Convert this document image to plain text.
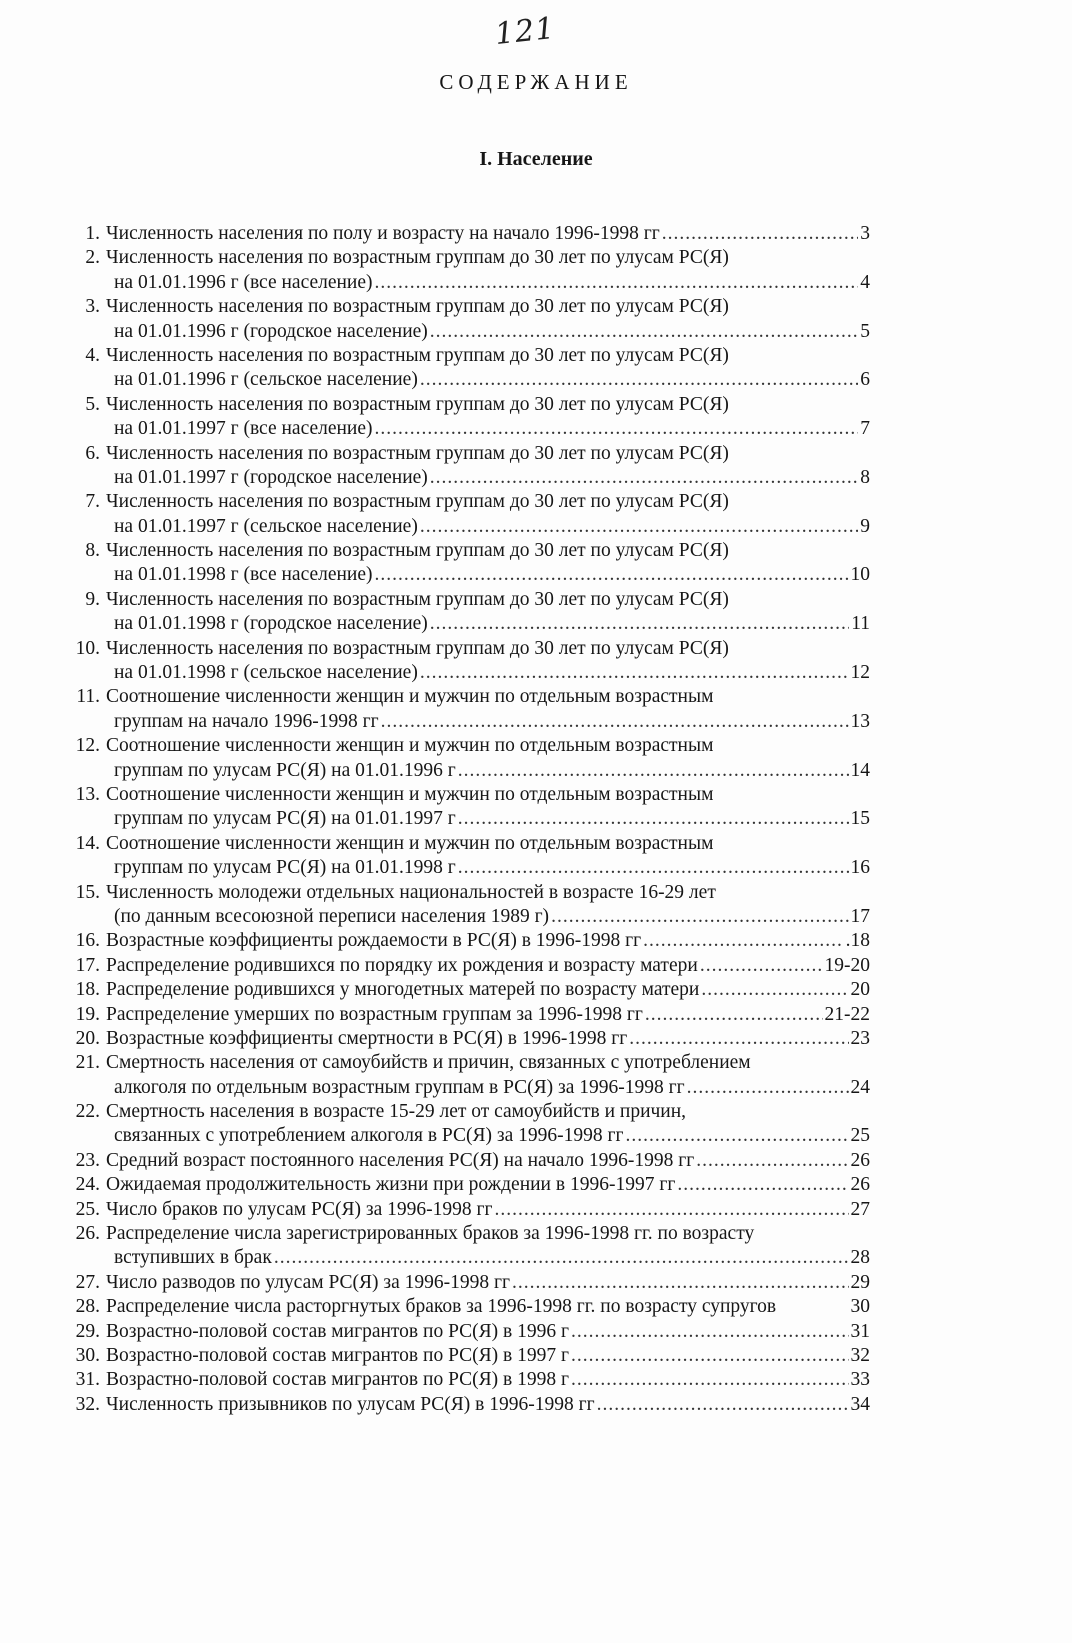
121
СОДЕРЖАНИЕ
I. Население
1. Численность населения по полу и возрасту на начало 1996-1998 гг .....	3
2. Численность населения по возрастным группам до 30 лет по улусам РС(Я)
на 01.01.1996 г (все население) .....	4
3. Численность населения по возрастным группам до 30 лет по улусам РС(Я)
на 01.01.1996 г (городское население) .....	5
4. Численность населения по возрастным группам до 30 лет по улусам РС(Я)
на 01.01.1996 г (сельское население) .....	6
5. Численность населения по возрастным группам до 30 лет по улусам РС(Я)
на 01.01.1997 г (все население) .....	7
6. Численность населения по возрастным группам до 30 лет по улусам РС(Я)
на 01.01.1997 г (городское население) .....	8
7. Численность населения по возрастным группам до 30 лет по улусам РС(Я)
на 01.01.1997 г (сельское население) .....	9
8. Численность населения по возрастным группам до 30 лет по улусам РС(Я)
на 01.01.1998 г (все население) .....	10
9. Численность населения по возрастным группам до 30 лет по улусам РС(Я)
на 01.01.1998 г (городское население) .....	11
10. Численность населения по возрастным группам до 30 лет по улусам РС(Я)
на 01.01.1998 г (сельское население) .....	12
11. Соотношение численности женщин и мужчин по отдельным возрастным
группам на начало 1996-1998 гг .....	13
12. Соотношение численности женщин и мужчин по отдельным возрастным
группам по улусам РС(Я) на 01.01.1996 г .....	14
13. Соотношение численности женщин и мужчин по отдельным возрастным
группам по улусам РС(Я) на 01.01.1997 г .....	15
14. Соотношение численности женщин и мужчин по отдельным возрастным
группам по улусам РС(Я) на 01.01.1998 г .....	16
15. Численность молодежи отдельных национальностей в возрасте 16-29 лет
(по данным всесоюзной переписи населения 1989 г) .....	17
16. Возрастные коэффициенты рождаемости в РС(Я) в 1996-1998 гг .....	.18
17. Распределение родившихся по порядку их рождения и возрасту матери .....	19-20
18. Распределение родившихся у многодетных матерей по возрасту матери .....	20
19. Распределение умерших по возрастным группам за 1996-1998 гг .....	21-22
20. Возрастные коэффициенты смертности в РС(Я) в 1996-1998 гг .....	23
21. Смертность населения от самоубийств и причин, связанных с употреблением
алкоголя по отдельным возрастным группам в РС(Я) за 1996-1998 гг .....	24
22. Смертность населения в возрасте 15-29 лет от самоубийств и причин,
связанных с употреблением алкоголя в РС(Я) за 1996-1998 гг .....	25
23. Средний возраст постоянного населения РС(Я) на начало 1996-1998 гг .....	26
24. Ожидаемая продолжительность жизни при рождении в 1996-1997 гг .....	26
25. Число браков по улусам РС(Я) за 1996-1998 гг .....	27
26. Распределение числа зарегистрированных браков за 1996-1998 гг. по возрасту
вступивших в брак .....	28
27. Число разводов по улусам РС(Я) за 1996-1998 гг .....	29
28. Распределение числа расторгнутых браков за 1996-1998 гг. по возрасту супругов	30
29. Возрастно-половой состав мигрантов по РС(Я) в 1996 г .....	31
30. Возрастно-половой состав мигрантов по РС(Я) в 1997 г .....	32
31. Возрастно-половой состав мигрантов по РС(Я) в 1998 г .....	33
32. Численность призывников по улусам РС(Я) в 1996-1998 гг .....	34
